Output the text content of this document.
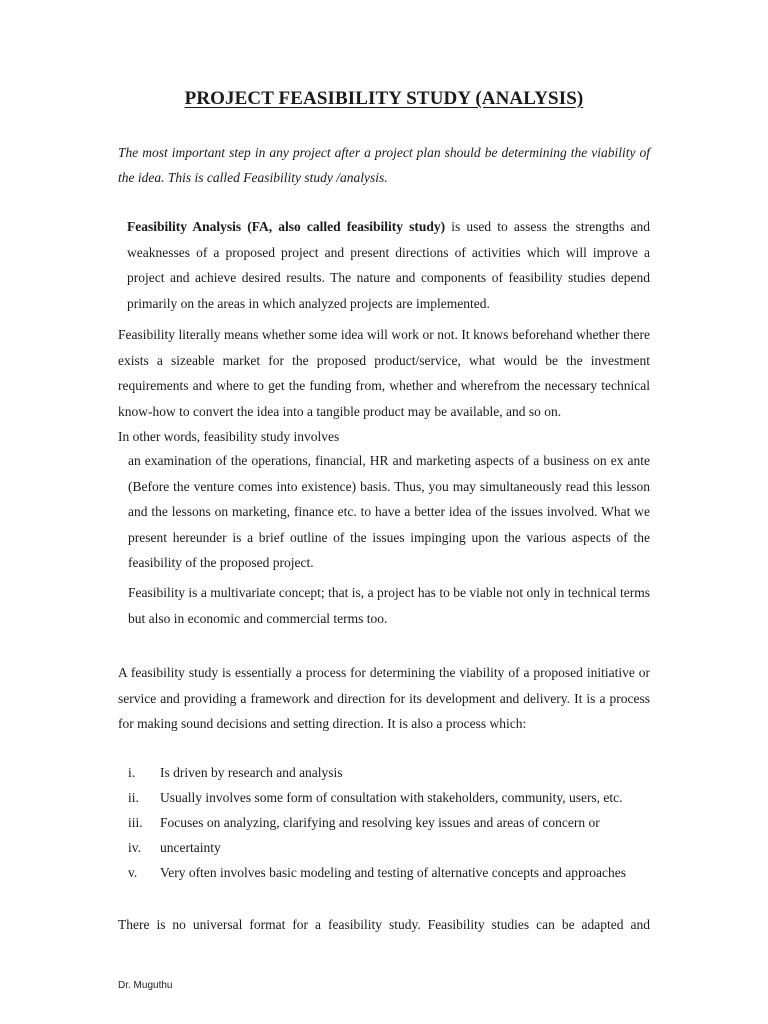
PROJECT FEASIBILITY STUDY (ANALYSIS)

The most important step in any project after a project plan should be determining the viability of the idea. This is called Feasibility study /analysis.

Feasibility Analysis (FA, also called feasibility study) is used to assess the strengths and weaknesses of a proposed project and present directions of activities which will improve a project and achieve desired results. The nature and components of feasibility studies depend primarily on the areas in which analyzed projects are implemented.

Feasibility literally means whether some idea will work or not. It knows beforehand whether there exists a sizeable market for the proposed product/service, what would be the investment requirements and where to get the funding from, whether and wherefrom the necessary technical know-how to convert the idea into a tangible product may be available, and so on.
In other words, feasibility study involves

an examination of the operations, financial, HR and marketing aspects of a business on ex ante (Before the venture comes into existence) basis. Thus, you may simultaneously read this lesson and the lessons on marketing, finance etc. to have a better idea of the issues involved. What we present hereunder is a brief outline of the issues impinging upon the various aspects of the feasibility of the proposed project.

Feasibility is a multivariate concept; that is, a project has to be viable not only in technical terms but also in economic and commercial terms too.

A feasibility study is essentially a process for determining the viability of a proposed initiative or service and providing a framework and direction for its development and delivery. It is a process for making sound decisions and setting direction. It is also a process which:

i.	Is driven by research and analysis
ii.	Usually involves some form of consultation with stakeholders, community, users, etc.
iii.	Focuses on analyzing, clarifying and resolving key issues and areas of concern or
iv.	uncertainty
v.	Very often involves basic modeling and testing of alternative concepts and approaches
There is no universal format for a feasibility study. Feasibility studies can be adapted and
Dr. Muguthu
